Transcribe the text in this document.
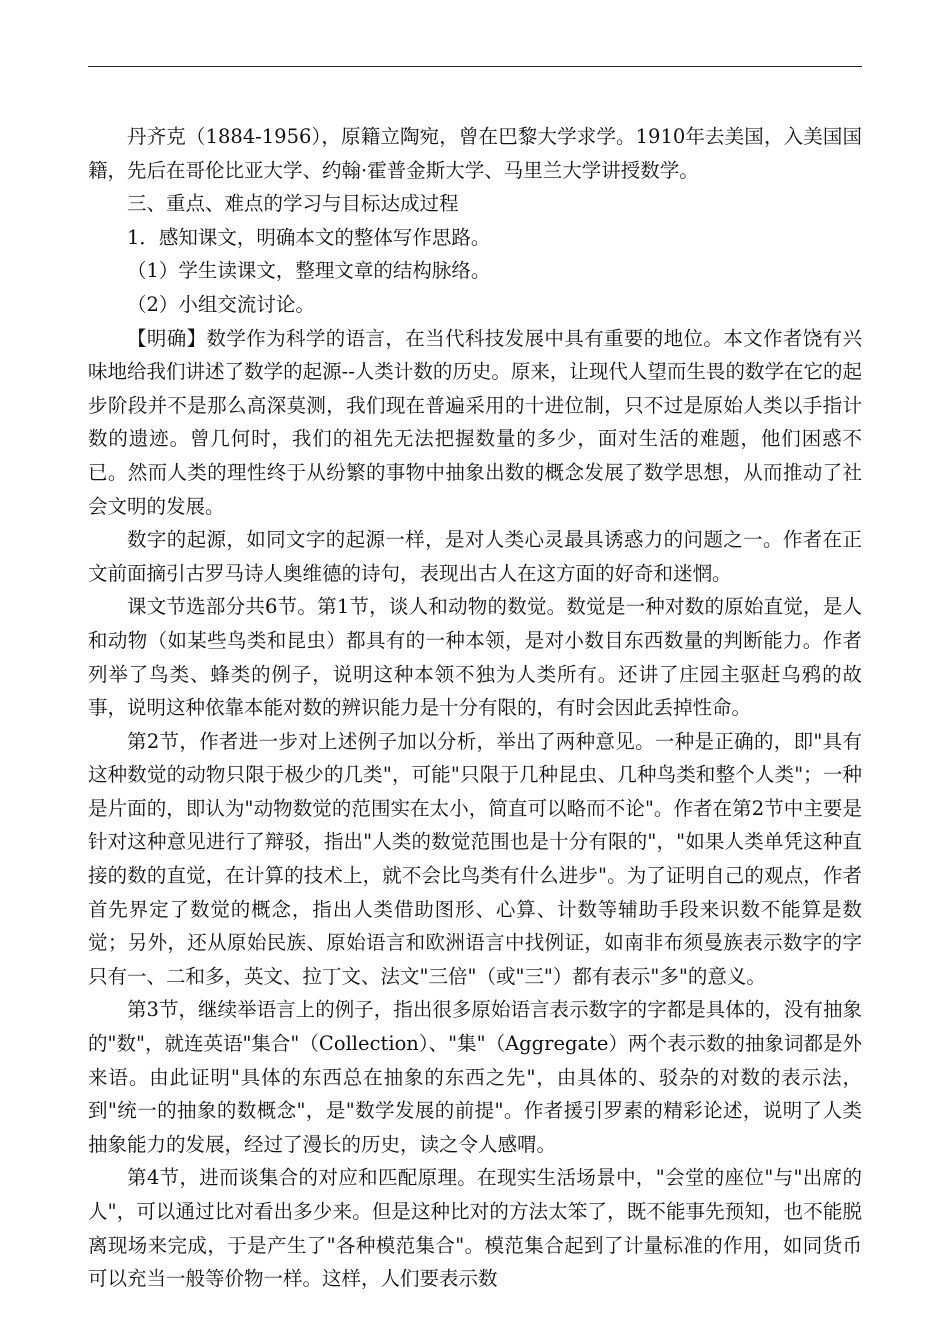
丹齐克（1884-1956），原籍立陶宛，曾在巴黎大学求学。1910年去美国，入美国国籍，先后在哥伦比亚大学、约翰·霍普金斯大学、马里兰大学讲授数学。

三、重点、难点的学习与目标达成过程

1．感知课文，明确本文的整体写作思路。

（1）学生读课文，整理文章的结构脉络。

（2）小组交流讨论。

【明确】数学作为科学的语言，在当代科技发展中具有重要的地位。本文作者饶有兴味地给我们讲述了数学的起源--人类计数的历史。原来，让现代人望而生畏的数学在它的起步阶段并不是那么高深莫测，我们现在普遍采用的十进位制，只不过是原始人类以手指计数的遗迹。曾几何时，我们的祖先无法把握数量的多少，面对生活的难题，他们困惑不已。然而人类的理性终于从纷繁的事物中抽象出数的概念发展了数学思想，从而推动了社会文明的发展。

数字的起源，如同文字的起源一样，是对人类心灵最具诱惑力的问题之一。作者在正文前面摘引古罗马诗人奥维德的诗句，表现出古人在这方面的好奇和迷惘。

课文节选部分共6节。第1节，谈人和动物的数觉。数觉是一种对数的原始直觉，是人和动物（如某些鸟类和昆虫）都具有的一种本领，是对小数目东西数量的判断能力。作者列举了鸟类、蜂类的例子，说明这种本领不独为人类所有。还讲了庄园主驱赶乌鸦的故事，说明这种依靠本能对数的辨识能力是十分有限的，有时会因此丢掉性命。

第2节，作者进一步对上述例子加以分析，举出了两种意见。一种是正确的，即"具有这种数觉的动物只限于极少的几类"，可能"只限于几种昆虫、几种鸟类和整个人类"；一种是片面的，即认为"动物数觉的范围实在太小，简直可以略而不论"。作者在第2节中主要是针对这种意见进行了辩驳，指出"人类的数觉范围也是十分有限的"，"如果人类单凭这种直接的数的直觉，在计算的技术上，就不会比鸟类有什么进步"。为了证明自己的观点，作者首先界定了数觉的概念，指出人类借助图形、心算、计数等辅助手段来识数不能算是数觉；另外，还从原始民族、原始语言和欧洲语言中找例证，如南非布须曼族表示数字的字只有一、二和多，英文、拉丁文、法文"三倍"（或"三"）都有表示"多"的意义。

第3节，继续举语言上的例子，指出很多原始语言表示数字的字都是具体的，没有抽象的"数"，就连英语"集合"（Collection）、"集"（Aggregate）两个表示数的抽象词都是外来语。由此证明"具体的东西总在抽象的东西之先"，由具体的、驳杂的对数的表示法，到"统一的抽象的数概念"，是"数学发展的前提"。作者援引罗素的精彩论述，说明了人类抽象能力的发展，经过了漫长的历史，读之令人感喟。

第4节，进而谈集合的对应和匹配原理。在现实生活场景中，"会堂的座位"与"出席的人"，可以通过比对看出多少来。但是这种比对的方法太笨了，既不能事先预知，也不能脱离现场来完成，于是产生了"各种模范集合"。模范集合起到了计量标准的作用，如同货币可以充当一般等价物一样。这样，人们要表示数
